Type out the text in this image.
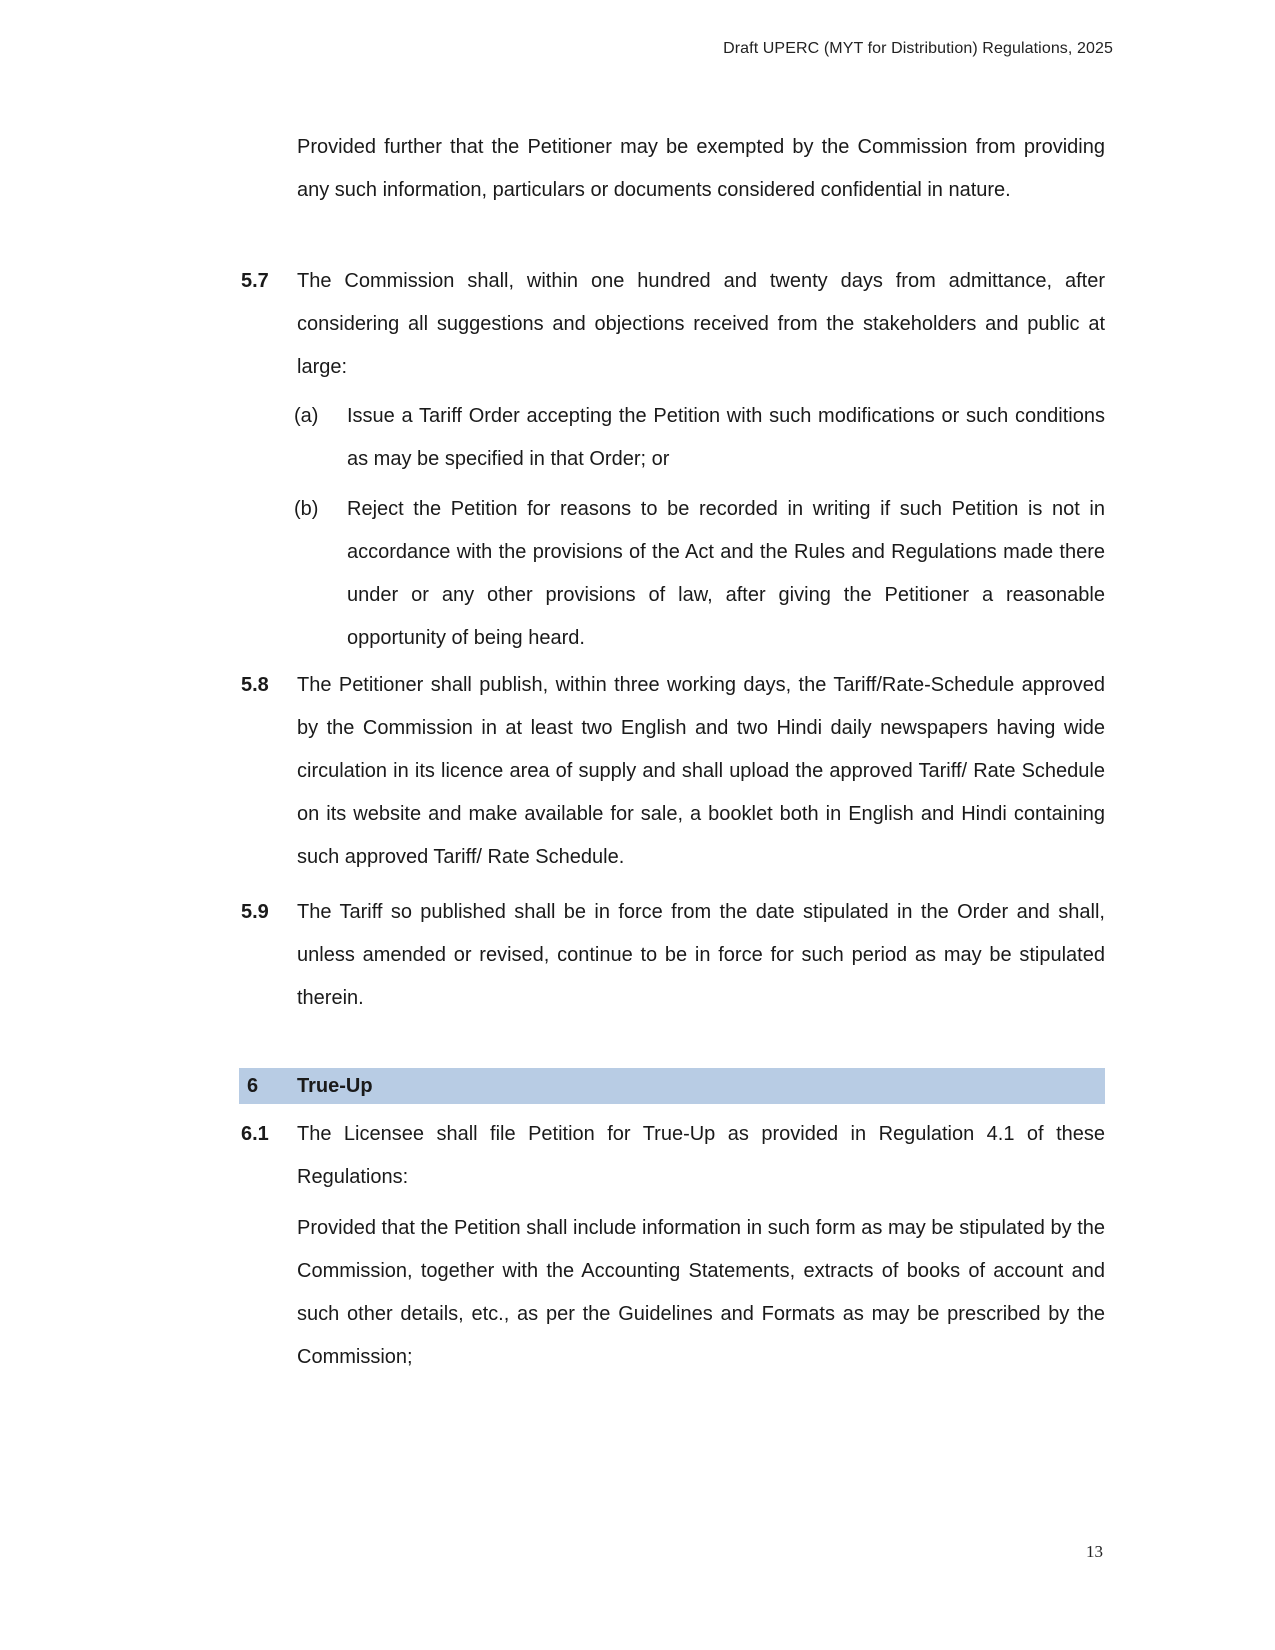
Draft UPERC (MYT for Distribution) Regulations, 2025
Provided further that the Petitioner may be exempted by the Commission from providing any such information, particulars or documents considered confidential in nature.
5.7 The Commission shall, within one hundred and twenty days from admittance, after considering all suggestions and objections received from the stakeholders and public at large:
(a) Issue a Tariff Order accepting the Petition with such modifications or such conditions as may be specified in that Order; or
(b) Reject the Petition for reasons to be recorded in writing if such Petition is not in accordance with the provisions of the Act and the Rules and Regulations made there under or any other provisions of law, after giving the Petitioner a reasonable opportunity of being heard.
5.8 The Petitioner shall publish, within three working days, the Tariff/Rate-Schedule approved by the Commission in at least two English and two Hindi daily newspapers having wide circulation in its licence area of supply and shall upload the approved Tariff/ Rate Schedule on its website and make available for sale, a booklet both in English and Hindi containing such approved Tariff/ Rate Schedule.
5.9 The Tariff so published shall be in force from the date stipulated in the Order and shall, unless amended or revised, continue to be in force for such period as may be stipulated therein.
6 True-Up
6.1 The Licensee shall file Petition for True-Up as provided in Regulation 4.1 of these Regulations:
Provided that the Petition shall include information in such form as may be stipulated by the Commission, together with the Accounting Statements, extracts of books of account and such other details, etc., as per the Guidelines and Formats as may be prescribed by the Commission;
13
